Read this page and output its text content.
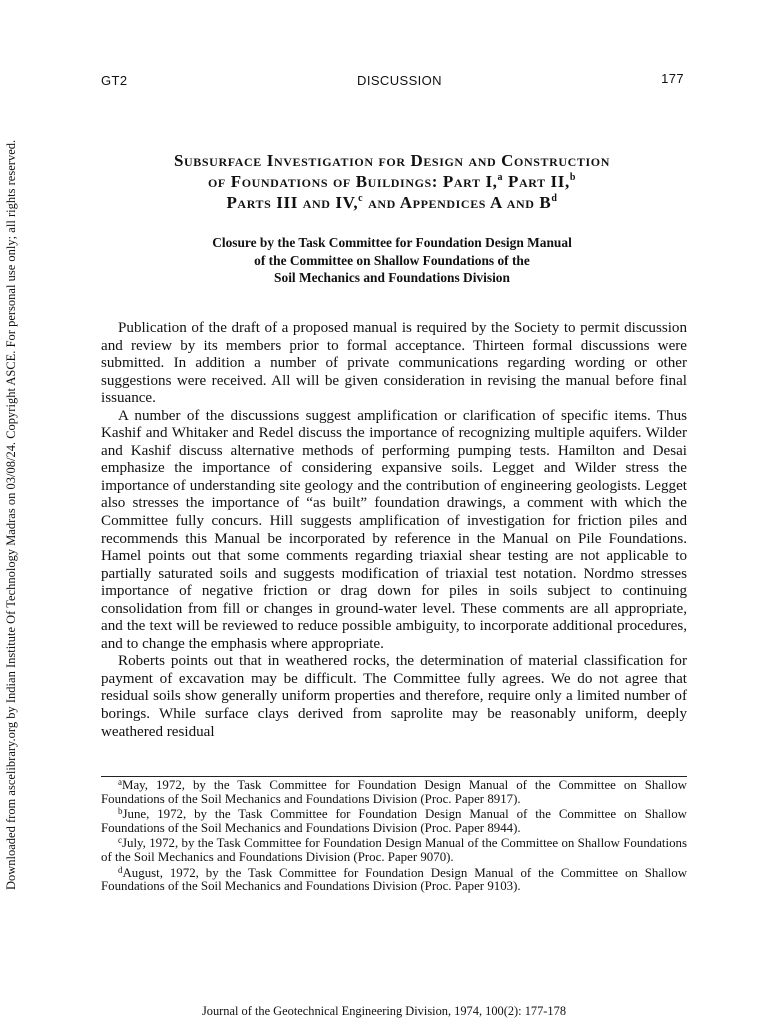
Downloaded from ascelibrary.org by Indian Institute Of Technology Madras on 03/08/24. Copyright ASCE. For personal use only; all rights reserved.
GT2	DISCUSSION	177
Subsurface Investigation for Design and Construction
of Foundations of Buildings: Part I,$^a$ Part II,$^b$
Parts III and IV,$^c$ and Appendices A and $B^d$
Closure by the Task Committee for Foundation Design Manual
of the Committee on Shallow Foundations of the
Soil Mechanics and Foundations Division

Publication of the draft of a proposed manual is required by the Society to permit discussion and review by its members prior to formal acceptance. Thirteen formal discussions were submitted. In addition a number of private communications regarding wording or other suggestions were received. All will be given consideration in revising the manual before final issuance.

A number of the discussions suggest amplification or clarification of specific items. Thus Kashif and Whitaker and Redel discuss the importance of recognizing multiple aquifers. Wilder and Kashif discuss alternative methods of performing pumping tests. Hamilton and Desai emphasize the importance of considering expansive soils. Legget and Wilder stress the importance of understanding site geology and the contribution of engineering geologists. Legget also stresses the importance of “as built” foundation drawings, a comment with which the Committee fully concurs. Hill suggests amplification of investigation for friction piles and recommends this Manual be incorporated by reference in the Manual on Pile Foundations. Hamel points out that some comments regarding triaxial shear testing are not applicable to partially saturated soils and suggests modification of triaxial test notation. Nordmo stresses importance of negative friction or drag down for piles in soils subject to continuing consolidation from fill or changes in ground-water level. These comments are all appropriate, and the text will be reviewed to reduce possible ambiguity, to incorporate additional procedures, and to change the emphasis where appropriate.

Roberts points out that in weathered rocks, the determination of material classification for payment of excavation may be difficult. The Committee fully agrees. We do not agree that residual soils show generally uniform properties and therefore, require only a limited number of borings. While surface clays derived from saprolite may be reasonably uniform, deeply weathered residual

$^a$May, 1972, by the Task Committee for Foundation Design Manual of the Committee on Shallow Foundations of the Soil Mechanics and Foundations Division (Proc. Paper 8917).

$^b$June, 1972, by the Task Committee for Foundation Design Manual of the Committee on Shallow Foundations of the Soil Mechanics and Foundations Division (Proc. Paper 8944).

$^c$July, 1972, by the Task Committee for Foundation Design Manual of the Committee on Shallow Foundations of the Soil Mechanics and Foundations Division (Proc. Paper 9070).

$^d$August, 1972, by the Task Committee for Foundation Design Manual of the Committee on Shallow Foundations of the Soil Mechanics and Foundations Division (Proc. Paper 9103).

Journal of the Geotechnical Engineering Division, 1974, 100(2): 177-178
